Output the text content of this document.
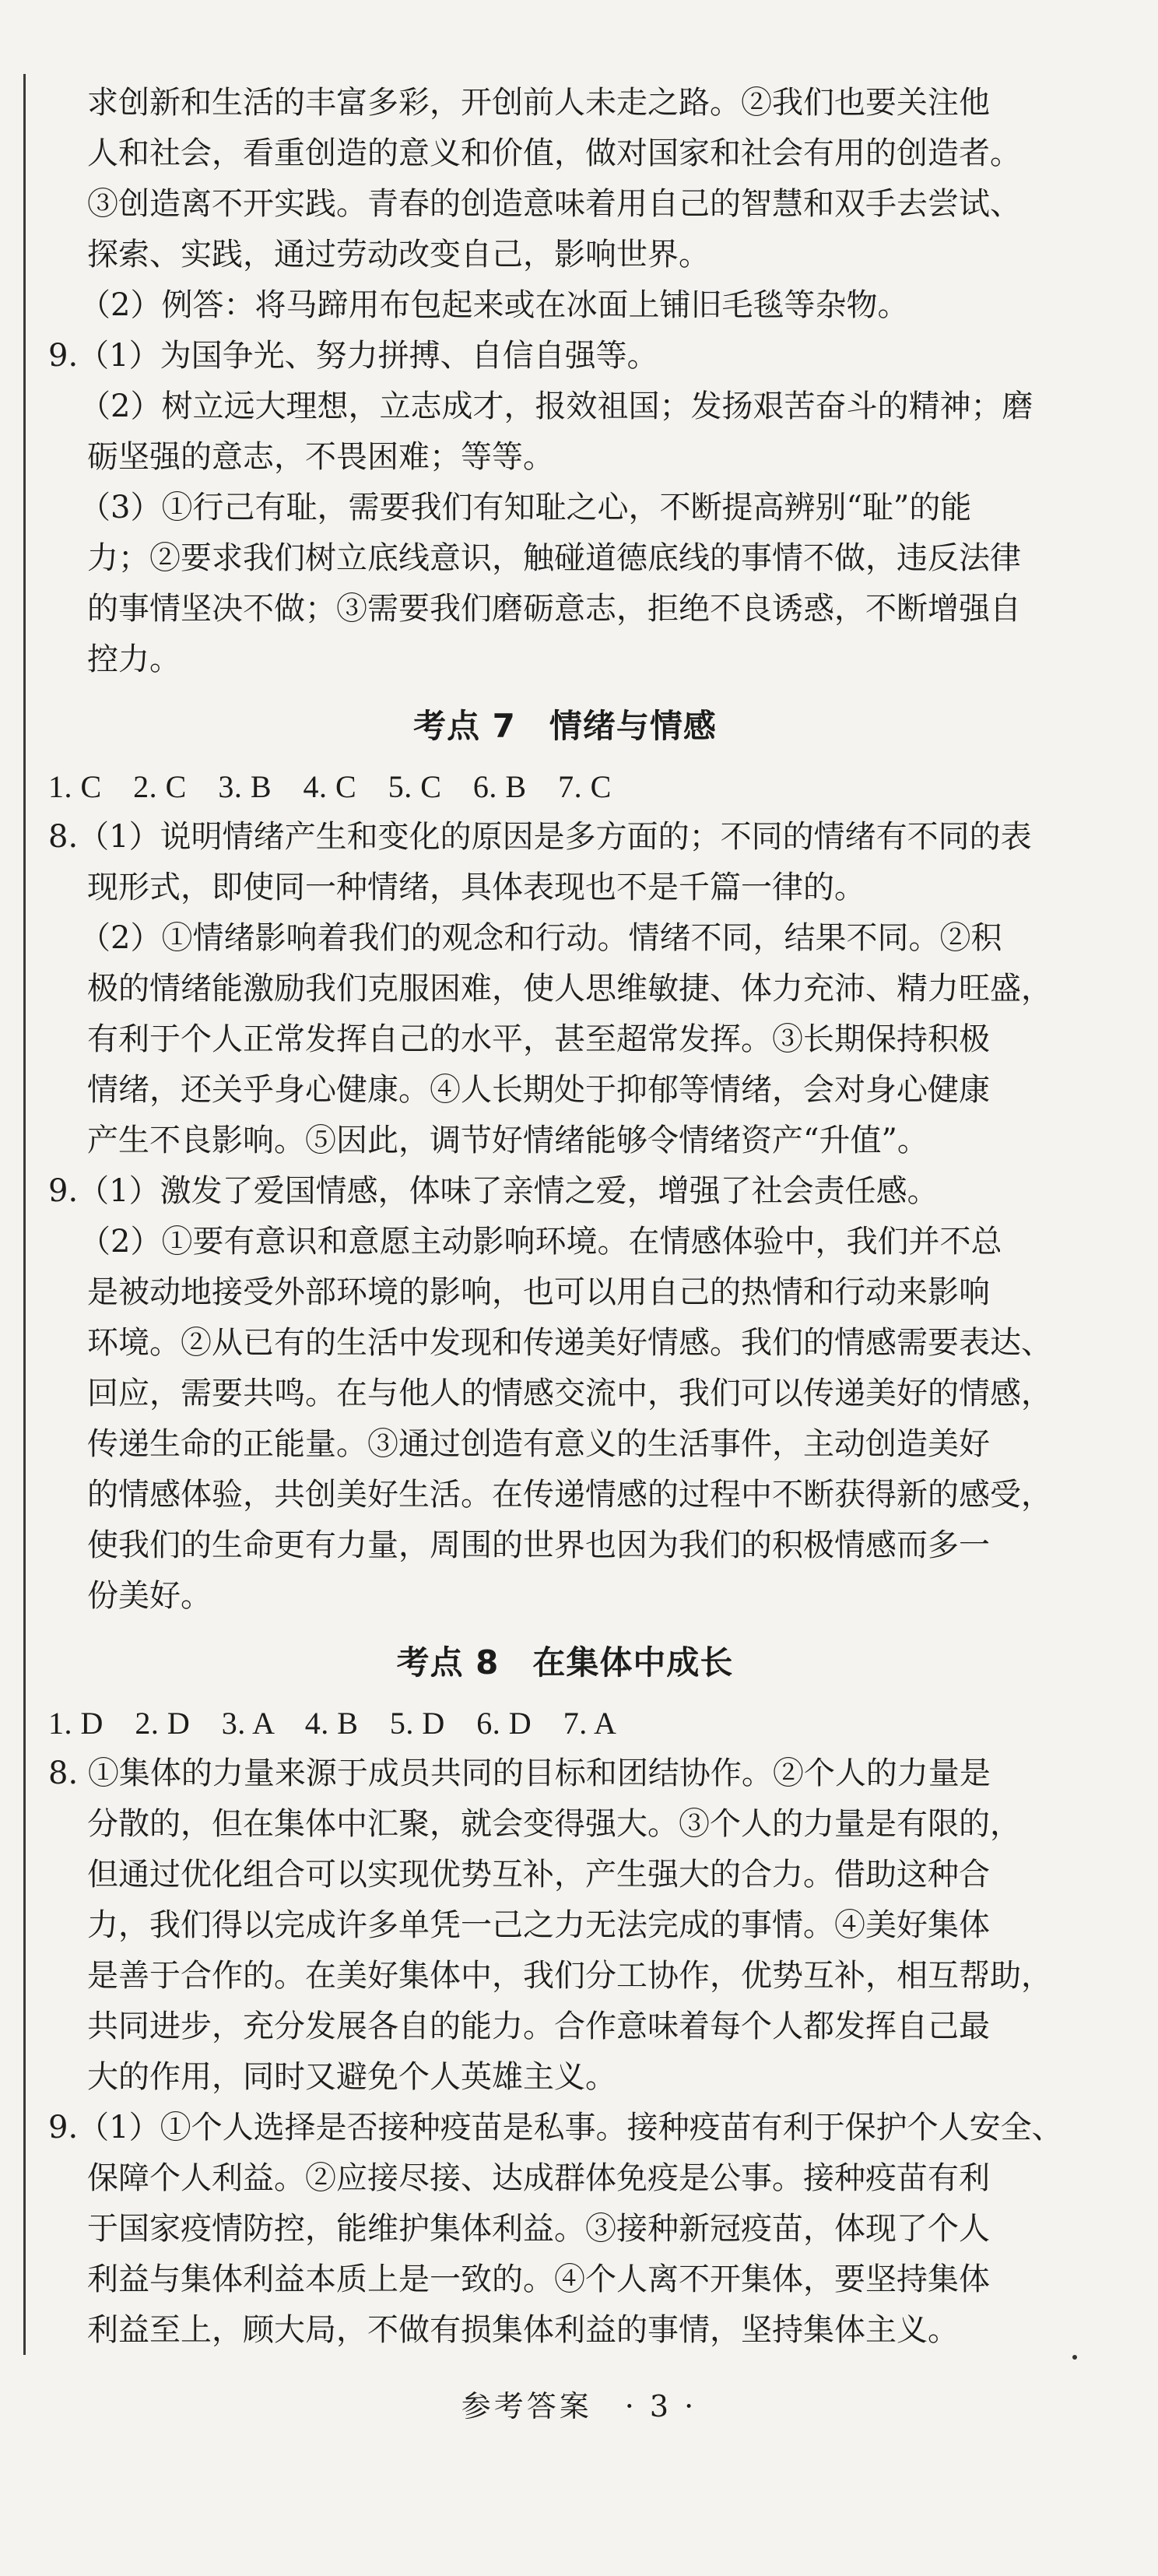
求创新和生活的丰富多彩，开创前人未走之路。②我们也要关注他
人和社会，看重创造的意义和价值，做对国家和社会有用的创造者。
③创造离不开实践。青春的创造意味着用自己的智慧和双手去尝试、
探索、实践，通过劳动改变自己，影响世界。
（2）例答：将马蹄用布包起来或在冰面上铺旧毛毯等杂物。
9.（1）为国争光、努力拼搏、自信自强等。
（2）树立远大理想，立志成才，报效祖国；发扬艰苦奋斗的精神；磨
砺坚强的意志，不畏困难；等等。
（3）①行己有耻，需要我们有知耻之心，不断提高辨别“耻”的能
力；②要求我们树立底线意识，触碰道德底线的事情不做，违反法律
的事情坚决不做；③需要我们磨砺意志，拒绝不良诱惑，不断增强自
控力。
考点 7　情绪与情感
1. C　2. C　3. B　4. C　5. C　6. B　7. C
8.（1）说明情绪产生和变化的原因是多方面的；不同的情绪有不同的表
现形式，即使同一种情绪，具体表现也不是千篇一律的。
（2）①情绪影响着我们的观念和行动。情绪不同，结果不同。②积
极的情绪能激励我们克服困难，使人思维敏捷、体力充沛、精力旺盛，
有利于个人正常发挥自己的水平，甚至超常发挥。③长期保持积极
情绪，还关乎身心健康。④人长期处于抑郁等情绪，会对身心健康
产生不良影响。⑤因此，调节好情绪能够令情绪资产“升值”。
9.（1）激发了爱国情感，体味了亲情之爱，增强了社会责任感。
（2）①要有意识和意愿主动影响环境。在情感体验中，我们并不总
是被动地接受外部环境的影响，也可以用自己的热情和行动来影响
环境。②从已有的生活中发现和传递美好情感。我们的情感需要表达、
回应，需要共鸣。在与他人的情感交流中，我们可以传递美好的情感，
传递生命的正能量。③通过创造有意义的生活事件，主动创造美好
的情感体验，共创美好生活。在传递情感的过程中不断获得新的感受，
使我们的生命更有力量，周围的世界也因为我们的积极情感而多一
份美好。
考点 8　在集体中成长
1. D　2. D　3. A　4. B　5. D　6. D　7. A
8. ①集体的力量来源于成员共同的目标和团结协作。②个人的力量是
分散的，但在集体中汇聚，就会变得强大。③个人的力量是有限的，
但通过优化组合可以实现优势互补，产生强大的合力。借助这种合
力，我们得以完成许多单凭一己之力无法完成的事情。④美好集体
是善于合作的。在美好集体中，我们分工协作，优势互补，相互帮助，
共同进步，充分发展各自的能力。合作意味着每个人都发挥自己最
大的作用，同时又避免个人英雄主义。
9.（1）①个人选择是否接种疫苗是私事。接种疫苗有利于保护个人安全、
保障个人利益。②应接尽接、达成群体免疫是公事。接种疫苗有利
于国家疫情防控，能维护集体利益。③接种新冠疫苗，体现了个人
利益与集体利益本质上是一致的。④个人离不开集体，要坚持集体
利益至上，顾大局，不做有损集体利益的事情，坚持集体主义。
参考答案　· 3 ·
